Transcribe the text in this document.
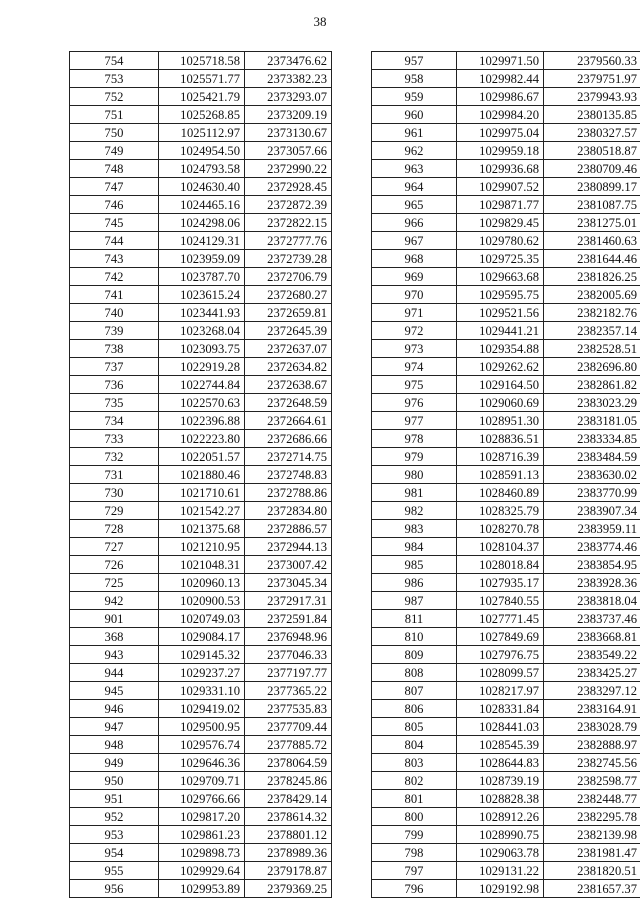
38
754	1025718.58	2373476.62
753	1025571.77	2373382.23
752	1025421.79	2373293.07
751	1025268.85	2373209.19
750	1025112.97	2373130.67
749	1024954.50	2373057.66
748	1024793.58	2372990.22
747	1024630.40	2372928.45
746	1024465.16	2372872.39
745	1024298.06	2372822.15
744	1024129.31	2372777.76
743	1023959.09	2372739.28
742	1023787.70	2372706.79
741	1023615.24	2372680.27
740	1023441.93	2372659.81
739	1023268.04	2372645.39
738	1023093.75	2372637.07
737	1022919.28	2372634.82
736	1022744.84	2372638.67
735	1022570.63	2372648.59
734	1022396.88	2372664.61
733	1022223.80	2372686.66
732	1022051.57	2372714.75
731	1021880.46	2372748.83
730	1021710.61	2372788.86
729	1021542.27	2372834.80
728	1021375.68	2372886.57
727	1021210.95	2372944.13
726	1021048.31	2373007.42
725	1020960.13	2373045.34
942	1020900.53	2372917.31
901	1020749.03	2372591.84
368	1029084.17	2376948.96
943	1029145.32	2377046.33
944	1029237.27	2377197.77
945	1029331.10	2377365.22
946	1029419.02	2377535.83
947	1029500.95	2377709.44
948	1029576.74	2377885.72
949	1029646.36	2378064.59
950	1029709.71	2378245.86
951	1029766.66	2378429.14
952	1029817.20	2378614.32
953	1029861.23	2378801.12
954	1029898.73	2378989.36
955	1029929.64	2379178.87
956	1029953.89	2379369.25
957	1029971.50	2379560.33
958	1029982.44	2379751.97
959	1029986.67	2379943.93
960	1029984.20	2380135.85
961	1029975.04	2380327.57
962	1029959.18	2380518.87
963	1029936.68	2380709.46
964	1029907.52	2380899.17
965	1029871.77	2381087.75
966	1029829.45	2381275.01
967	1029780.62	2381460.63
968	1029725.35	2381644.46
969	1029663.68	2381826.25
970	1029595.75	2382005.69
971	1029521.56	2382182.76
972	1029441.21	2382357.14
973	1029354.88	2382528.51
974	1029262.62	2382696.80
975	1029164.50	2382861.82
976	1029060.69	2383023.29
977	1028951.30	2383181.05
978	1028836.51	2383334.85
979	1028716.39	2383484.59
980	1028591.13	2383630.02
981	1028460.89	2383770.99
982	1028325.79	2383907.34
983	1028270.78	2383959.11
984	1028104.37	2383774.46
985	1028018.84	2383854.95
986	1027935.17	2383928.36
987	1027840.55	2383818.04
811	1027771.45	2383737.46
810	1027849.69	2383668.81
809	1027976.75	2383549.22
808	1028099.57	2383425.27
807	1028217.97	2383297.12
806	1028331.84	2383164.91
805	1028441.03	2383028.79
804	1028545.39	2382888.97
803	1028644.83	2382745.56
802	1028739.19	2382598.77
801	1028828.38	2382448.77
800	1028912.26	2382295.78
799	1028990.75	2382139.98
798	1029063.78	2381981.47
797	1029131.22	2381820.51
796	1029192.98	2381657.37
